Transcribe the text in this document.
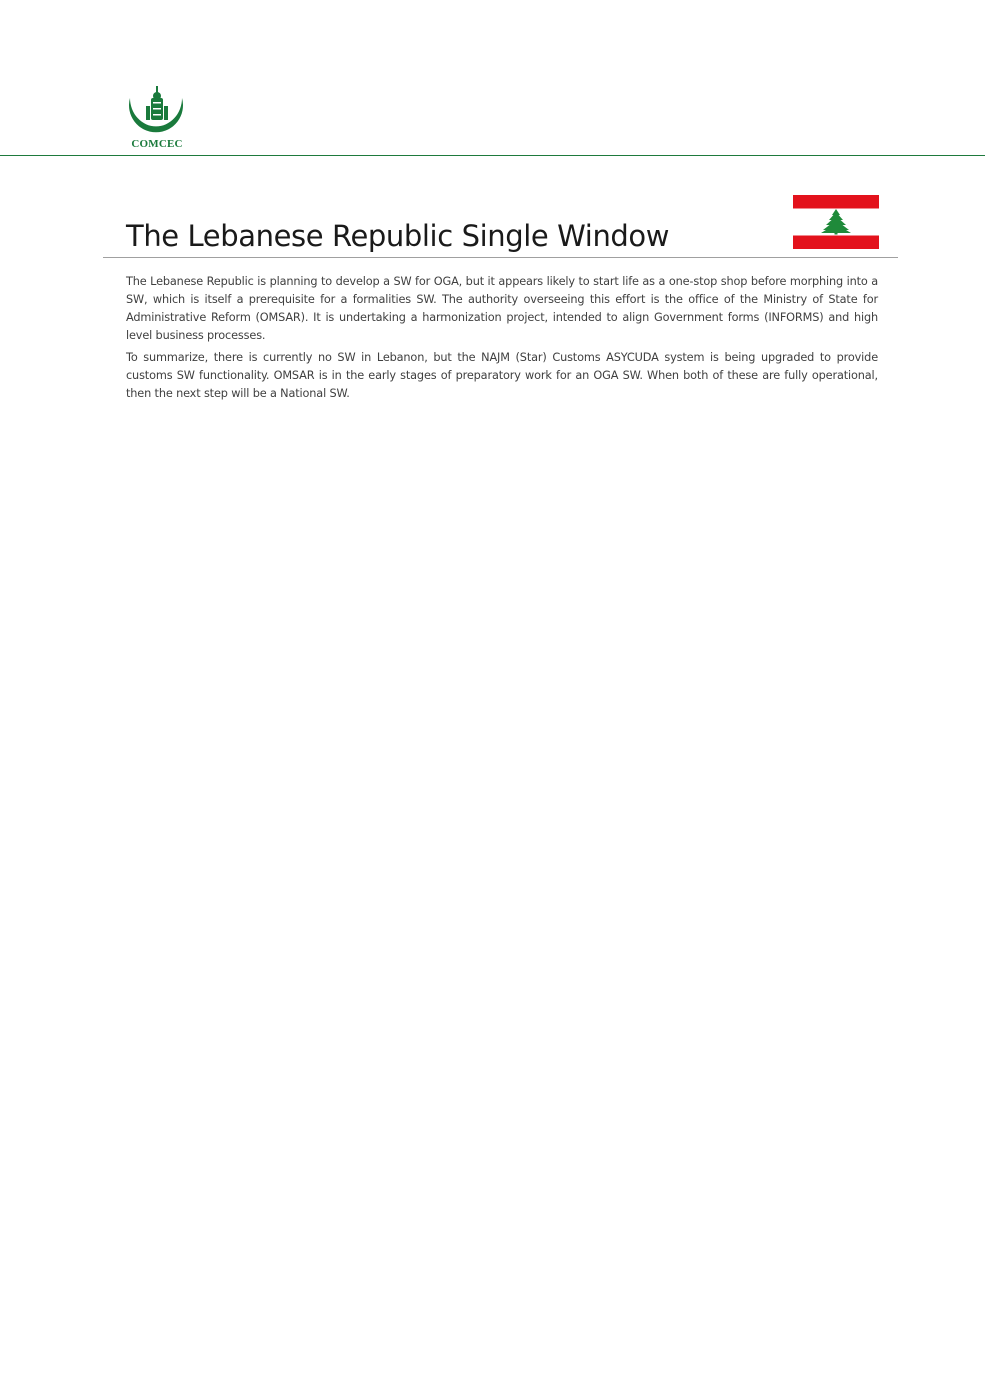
COMCEC
The Lebanese Republic Single Window

The Lebanese Republic is planning to develop a SW for OGA, but it appears likely to start life as a one-stop shop before morphing into a SW, which is itself a prerequisite for a formalities SW. The authority overseeing this effort is the office of the Ministry of State for Administrative Reform (OMSAR). It is undertaking a harmonization project, intended to align Government forms (INFORMS) and high level business processes.

To summarize, there is currently no SW in Lebanon, but the NAJM (Star) Customs ASYCUDA system is being upgraded to provide customs SW functionality. OMSAR is in the early stages of preparatory work for an OGA SW. When both of these are fully operational, then the next step will be a National SW.
